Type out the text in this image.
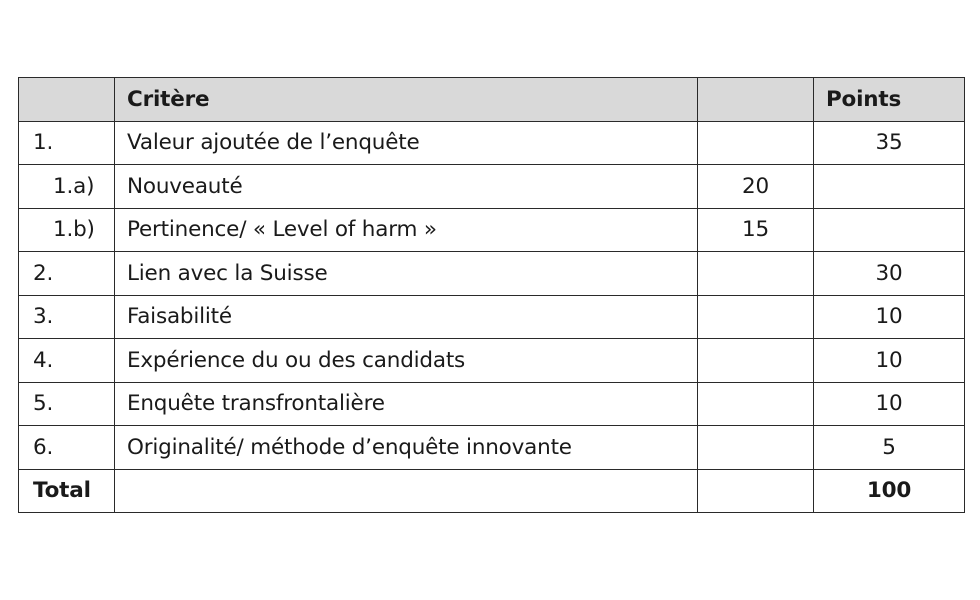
	Critère		Points
1.	Valeur ajoutée de l’enquête		35
1.a)	Nouveauté	20	
1.b)	Pertinence/ « Level of harm »	15	
2.	Lien avec la Suisse		30
3.	Faisabilité		10
4.	Expérience du ou des candidats		10
5.	Enquête transfrontalière		10
6.	Originalité/ méthode d’enquête innovante		5
Total			100
